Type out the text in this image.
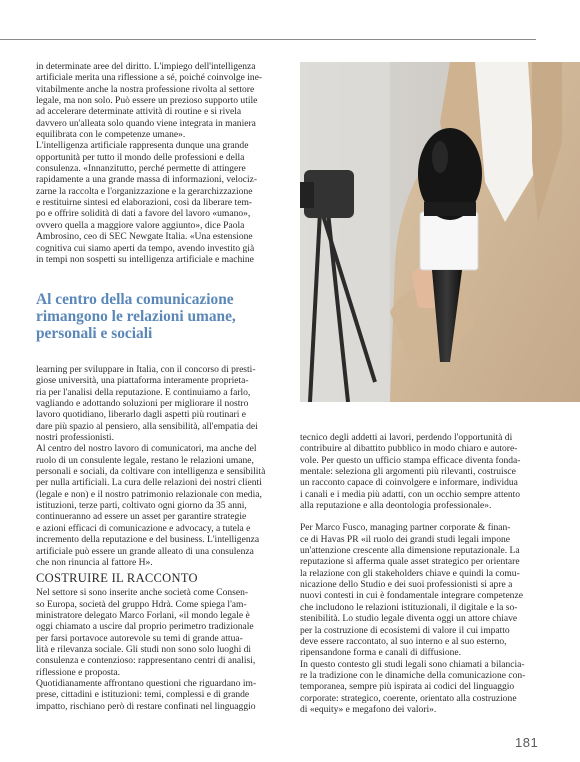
in determinate aree del diritto. L'impiego dell'intelligenza
artificiale merita una riflessione a sé, poiché coinvolge ine-
vitabilmente anche la nostra professione rivolta al settore
legale, ma non solo. Può essere un prezioso supporto utile
ad accelerare determinate attività di routine e si rivela
davvero un'alleata solo quando viene integrata in maniera
equilibrata con le competenze umane».
L'intelligenza artificiale rappresenta dunque una grande
opportunità per tutto il mondo delle professioni e della
consulenza. «Innanzitutto, perché permette di attingere
rapidamente a una grande massa di informazioni, velociz-
zarne la raccolta e l'organizzazione e la gerarchizzazione
e restituirne sintesi ed elaborazioni, così da liberare tem-
po e offrire solidità di dati a favore del lavoro «umano»,
ovvero quella a maggiore valore aggiunto», dice Paola
Ambrosino, ceo di SEC Newgate Italia. «Una estensione
cognitiva cui siamo aperti da tempo, avendo investito già
in tempi non sospetti su intelligenza artificiale e machine

Al centro della comunicazione
rimangono le relazioni umane,
personali e sociali

learning per sviluppare in Italia, con il concorso di presti-
giose università, una piattaforma interamente proprieta-
ria per l'analisi della reputazione. E continuiamo a farlo,
vagliando e adottando soluzioni per migliorare il nostro
lavoro quotidiano, liberarlo dagli aspetti più routinari e
dare più spazio al pensiero, alla sensibilità, all'empatia dei
nostri professionisti.
Al centro del nostro lavoro di comunicatori, ma anche del
ruolo di un consulente legale, restano le relazioni umane,
personali e sociali, da coltivare con intelligenza e sensibilità
per nulla artificiali. La cura delle relazioni dei nostri clienti
(legale e non) e il nostro patrimonio relazionale con media,
istituzioni, terze parti, coltivato ogni giorno da 35 anni,
continueranno ad essere un asset per garantire strategie
e azioni efficaci di comunicazione e advocacy, a tutela e
incremento della reputazione e del business. L'intelligenza
artificiale può essere un grande alleato di una consulenza
che non rinuncia al fattore H».

COSTRUIRE IL RACCONTO

Nel settore si sono inserite anche società come Consen-
so Europa, società del gruppo Hdrà. Come spiega l'am-
ministratore delegato Marco Forlani, «il mondo legale è
oggi chiamato a uscire dal proprio perimetro tradizionale
per farsi portavoce autorevole su temi di grande attua-
lità e rilevanza sociale. Gli studi non sono solo luoghi di
consulenza e contenzioso: rappresentano centri di analisi,
riflessione e proposta.
Quotidianamente affrontano questioni che riguardano im-
prese, cittadini e istituzioni: temi, complessi e di grande
impatto, rischiano però di restare confinati nel linguaggio

tecnico degli addetti ai lavori, perdendo l'opportunità di
contribuire al dibattito pubblico in modo chiaro e autore-
vole. Per questo un ufficio stampa efficace diventa fonda-
mentale: seleziona gli argomenti più rilevanti, costruisce
un racconto capace di coinvolgere e informare, individua
i canali e i media più adatti, con un occhio sempre attento
alla reputazione e alla deontologia professionale».

Per Marco Fusco, managing partner corporate & finan-
ce di Havas PR «il ruolo dei grandi studi legali impone
un'attenzione crescente alla dimensione reputazionale. La
reputazione si afferma quale asset strategico per orientare
la relazione con gli stakeholders chiave e quindi la comu-
nicazione dello Studio e dei suoi professionisti si apre a
nuovi contesti in cui è fondamentale integrare competenze
che includono le relazioni istituzionali, il digitale e la so-
stenibilità. Lo studio legale diventa oggi un attore chiave
per la costruzione di ecosistemi di valore il cui impatto
deve essere raccontato, al suo interno e al suo esterno,
ripensandone forma e canali di diffusione.
In questo contesto gli studi legali sono chiamati a bilancia-
re la tradizione con le dinamiche della comunicazione con-
temporanea, sempre più ispirata ai codici del linguaggio
corporate: strategico, coerente, orientato alla costruzione
di «equity» e megafono dei valori».

181
